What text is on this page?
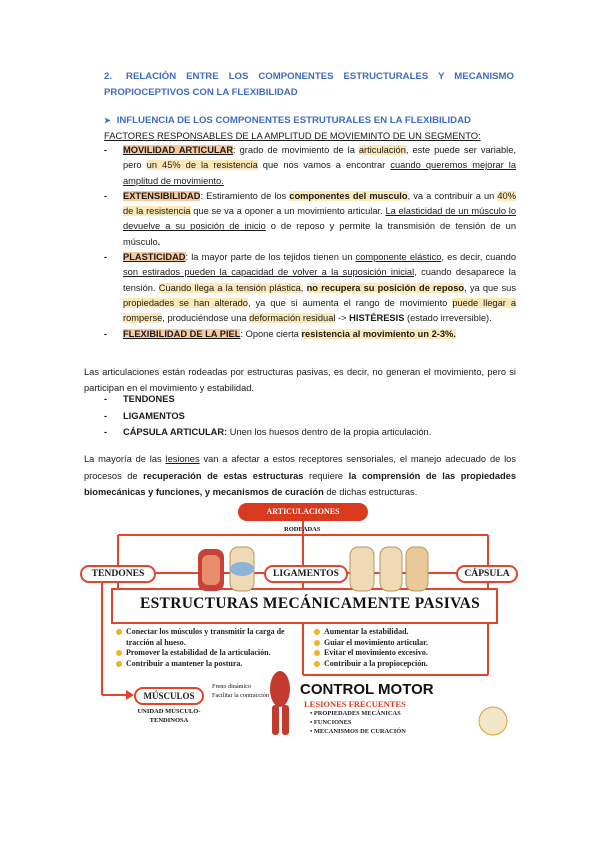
2. RELACIÓN ENTRE LOS COMPONENTES ESTRUCTURALES Y MECANISMO PROPIOCEPTIVOS CON LA FLEXIBILIDAD
➤ INFLUENCIA DE LOS COMPONENTES ESTRUTURALES EN LA FLEXIBILIDAD
FACTORES RESPONSABLES DE LA AMPLITUD DE MOVIEMINTO DE UN SEGMENTO:
- MOVILIDAD ARTICULAR: grado de movimiento de la articulación, este puede ser variable, pero un 45% de la resistencia que nos vamos a encontrar cuando queremos mejorar la amplitud de movimiento.
- EXTENSIBILIDAD: Estiramiento de los componentes del musculo, va a contribuir a un 40% de la resistencia que se va a oponer a un movimiento articular. La elasticidad de un músculo lo devuelve a su posición de inicio o de reposo y permite la transmisión de tensión de un músculo.
- PLASTICIDAD: la mayor parte de los tejidos tienen un componente elástico, es decir, cuando son estirados pueden la capacidad de volver a la suposición inicial, cuando desaparece la tensión. Cuando llega a la tensión plástica, no recupera su posición de reposo, ya que sus propiedades se han alterado, ya que si aumenta el rango de movimiento puede llegar a romperse, produciéndose una deformación residual -> HISTÉRESIS (estado irreversible).
- FLEXIBILIDAD DE LA PIEL: Opone cierta resistencia al movimiento un 2-3%.
Las articulaciones están rodeadas por estructuras pasivas, es decir, no generan el movimiento, pero si participan en el movimiento y estabilidad.
- TENDONES
- LIGAMENTOS
- CÁPSULA ARTICULAR: Unen los huesos dentro de la propia articulación.
La mayoría de las lesiones van a afectar a estos receptores sensoriales, el manejo adecuado de los procesos de recuperación de estas estructuras requiere la comprensión de las propiedades biomecánicas y funciones, y mecanismos de curación de dichas estructuras.
ARTICULACIONES
RODEADAS
TENDONES	LIGAMENTOS	CÁPSULA
ESTRUCTURAS MECÁNICAMENTE PASIVAS
Conectar los músculos y transmitir la carga de tracción al hueso.
Promover la estabilidad de la articulación.
Contribuir a mantener la postura.
Aumentar la estabilidad.
Guiar el movimiento articular.
Evitar el movimiento excesivo.
Contribuir a la propiocepción.
MÚSCULOS
UNIDAD MÚSCULO-TENDINOSA
Freno dinámico
Facilitar la contracción CONTROL MOTOR
LESIONES FRECUENTES
• PROPIEDADES MECÁNICAS
• FUNCIONES
• MECANISMOS DE CURACIÓN
